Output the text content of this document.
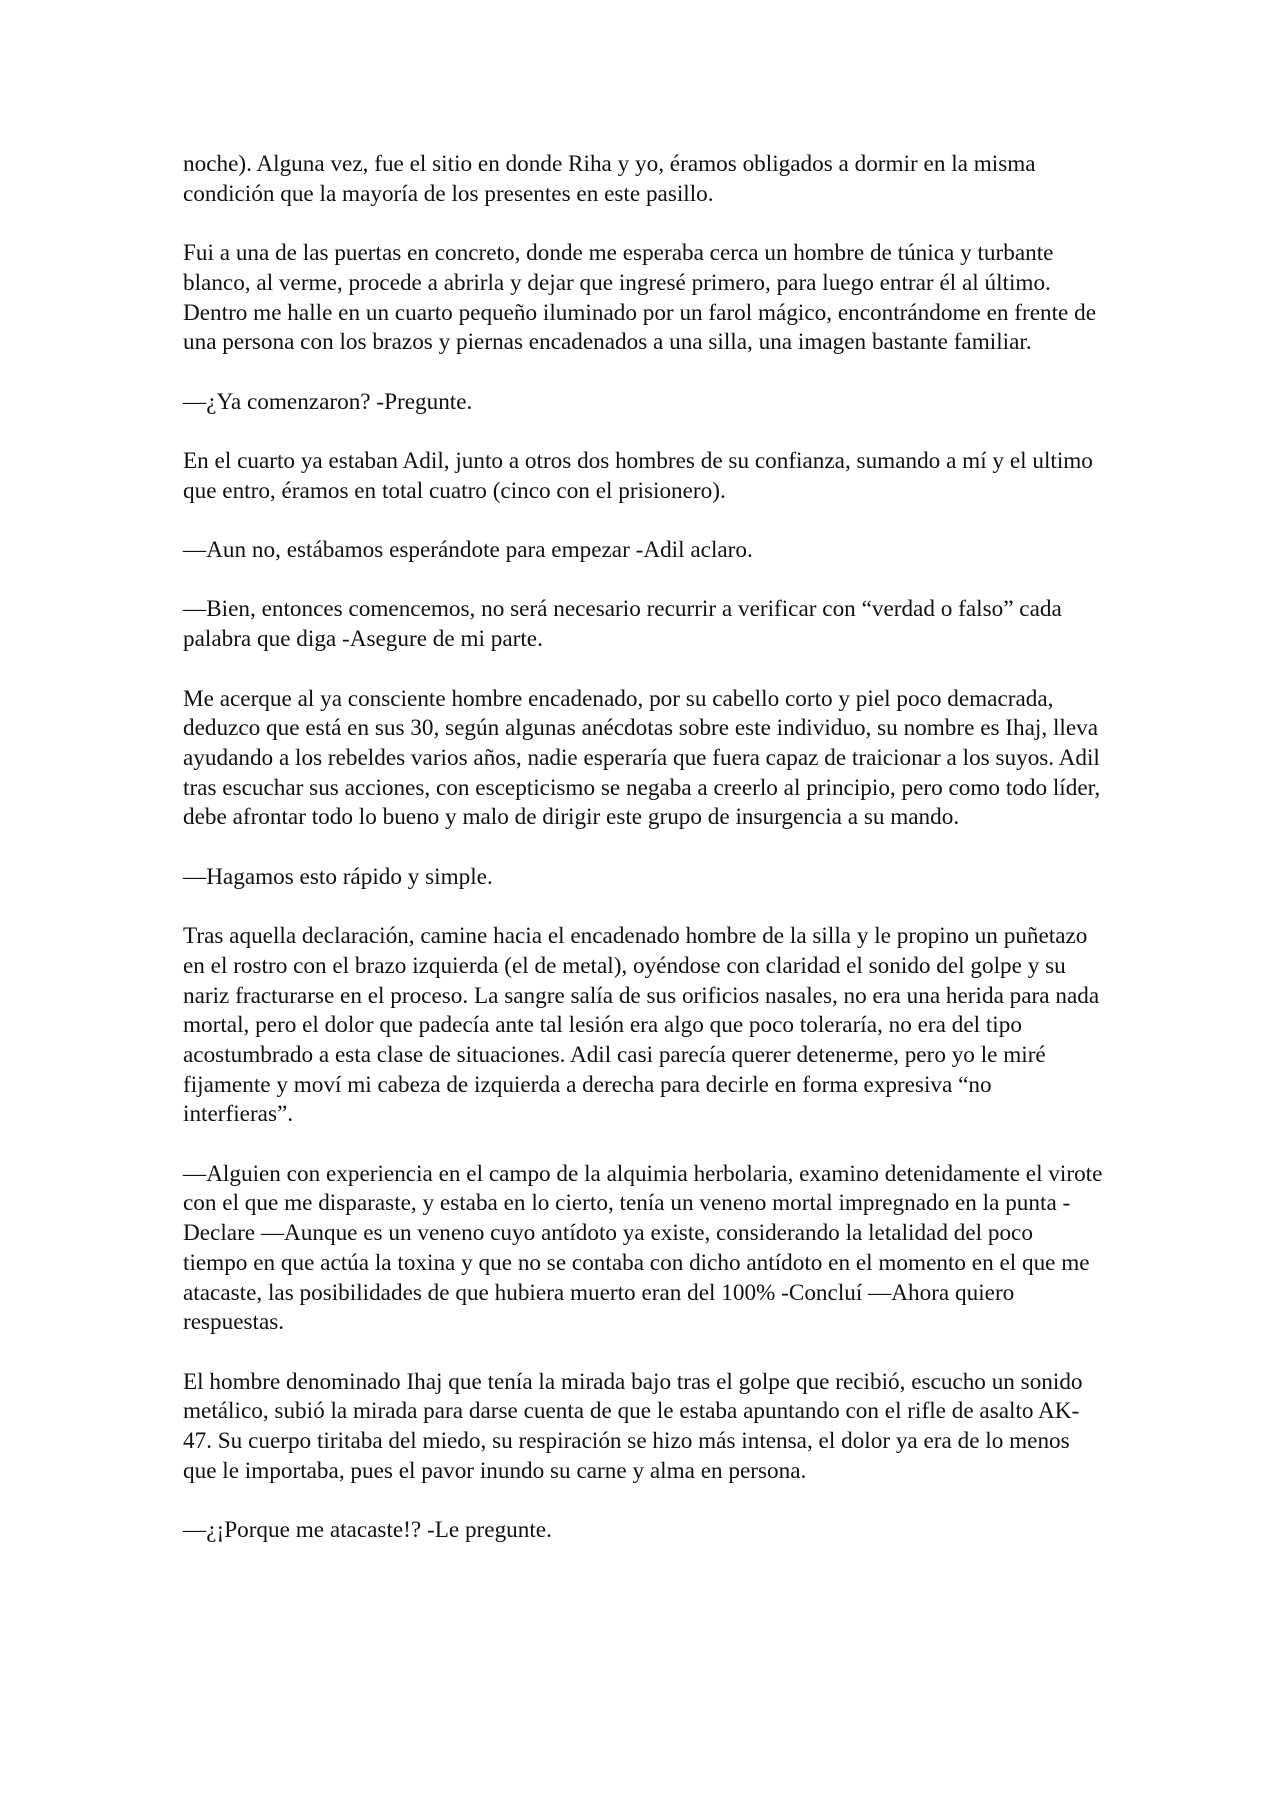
noche). Alguna vez, fue el sitio en donde Riha y yo, éramos obligados a dormir en la misma condición que la mayoría de los presentes en este pasillo.

Fui a una de las puertas en concreto, donde me esperaba cerca un hombre de túnica y turbante blanco, al verme, procede a abrirla y dejar que ingresé primero, para luego entrar él al último. Dentro me halle en un cuarto pequeño iluminado por un farol mágico, encontrándome en frente de una persona con los brazos y piernas encadenados a una silla, una imagen bastante familiar.

—¿Ya comenzaron? -Pregunte.

En el cuarto ya estaban Adil, junto a otros dos hombres de su confianza, sumando a mí y el ultimo que entro, éramos en total cuatro (cinco con el prisionero).

—Aun no, estábamos esperándote para empezar -Adil aclaro.

—Bien, entonces comencemos, no será necesario recurrir a verificar con “verdad o falso” cada palabra que diga -Asegure de mi parte.

Me acerque al ya consciente hombre encadenado, por su cabello corto y piel poco demacrada, deduzco que está en sus 30, según algunas anécdotas sobre este individuo, su nombre es Ihaj, lleva ayudando a los rebeldes varios años, nadie esperaría que fuera capaz de traicionar a los suyos. Adil tras escuchar sus acciones, con escepticismo se negaba a creerlo al principio, pero como todo líder, debe afrontar todo lo bueno y malo de dirigir este grupo de insurgencia a su mando.

—Hagamos esto rápido y simple.

Tras aquella declaración, camine hacia el encadenado hombre de la silla y le propino un puñetazo en el rostro con el brazo izquierda (el de metal), oyéndose con claridad el sonido del golpe y su nariz fracturarse en el proceso. La sangre salía de sus orificios nasales, no era una herida para nada mortal, pero el dolor que padecía ante tal lesión era algo que poco toleraría, no era del tipo acostumbrado a esta clase de situaciones. Adil casi parecía querer detenerme, pero yo le miré fijamente y moví mi cabeza de izquierda a derecha para decirle en forma expresiva “no interfieras”.

—Alguien con experiencia en el campo de la alquimia herbolaria, examino detenidamente el virote con el que me disparaste, y estaba en lo cierto, tenía un veneno mortal impregnado en la punta -Declare —Aunque es un veneno cuyo antídoto ya existe, considerando la letalidad del poco tiempo en que actúa la toxina y que no se contaba con dicho antídoto en el momento en el que me atacaste, las posibilidades de que hubiera muerto eran del 100% -Concluí —Ahora quiero respuestas.

El hombre denominado Ihaj que tenía la mirada bajo tras el golpe que recibió, escucho un sonido metálico, subió la mirada para darse cuenta de que le estaba apuntando con el rifle de asalto AK-47. Su cuerpo tiritaba del miedo, su respiración se hizo más intensa, el dolor ya era de lo menos que le importaba, pues el pavor inundo su carne y alma en persona.

—¿¡Porque me atacaste!? -Le pregunte.
